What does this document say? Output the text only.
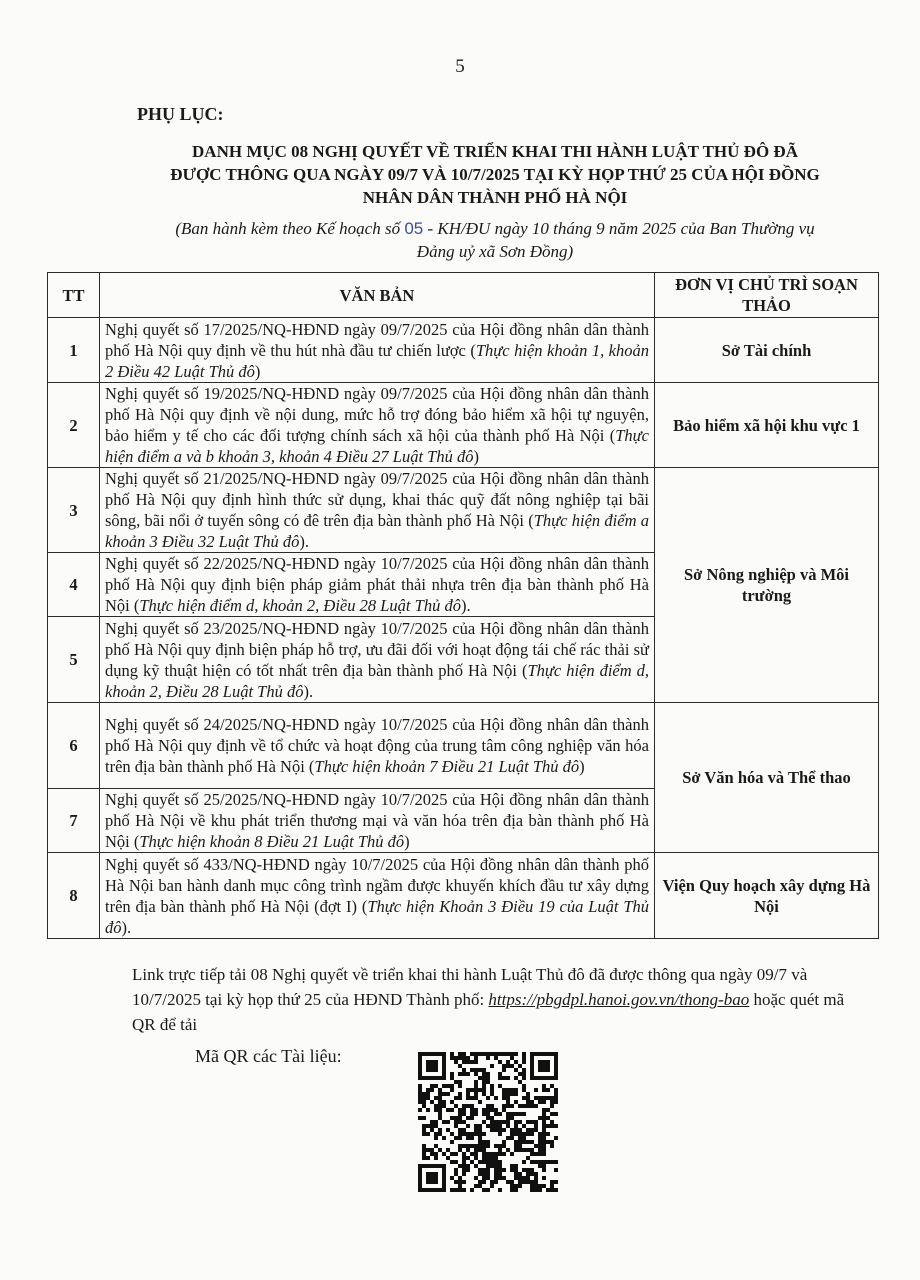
5
PHỤ LỤC:
DANH MỤC 08 NGHỊ QUYẾT VỀ TRIỂN KHAI THI HÀNH LUẬT THỦ ĐÔ ĐÃ
ĐƯỢC THÔNG QUA NGÀY 09/7 VÀ 10/7/2025 TẠI KỲ HỌP THỨ 25 CỦA HỘI ĐỒNG
NHÂN DÂN THÀNH PHỐ HÀ NỘI
(Ban hành kèm theo Kế hoạch số 05 - KH/ĐU ngày 10 tháng 9 năm 2025 của Ban Thường vụ
Đảng uỷ xã Sơn Đồng)
TT	VĂN BẢN	ĐƠN VỊ CHỦ TRÌ SOẠN THẢO
1	Nghị quyết số 17/2025/NQ-HĐND ngày 09/7/2025 của Hội đồng nhân dân thành phố Hà Nội quy định về thu hút nhà đầu tư chiến lược (Thực hiện khoản 1, khoản 2 Điều 42 Luật Thủ đô)	Sở Tài chính
2	Nghị quyết số 19/2025/NQ-HĐND ngày 09/7/2025 của Hội đồng nhân dân thành phố Hà Nội quy định về nội dung, mức hỗ trợ đóng bảo hiểm xã hội tự nguyện, bảo hiểm y tế cho các đối tượng chính sách xã hội của thành phố Hà Nội (Thực hiện điểm a và b khoản 3, khoản 4 Điều 27 Luật Thủ đô)	Bảo hiểm xã hội khu vực 1
3	Nghị quyết số 21/2025/NQ-HĐND ngày 09/7/2025 của Hội đồng nhân dân thành phố Hà Nội quy định hình thức sử dụng, khai thác quỹ đất nông nghiệp tại bãi sông, bãi nổi ở tuyến sông có đê trên địa bàn thành phố Hà Nội (Thực hiện điểm a khoản 3 Điều 32 Luật Thủ đô).	Sở Nông nghiệp và Môi trường
4	Nghị quyết số 22/2025/NQ-HĐND ngày 10/7/2025 của Hội đồng nhân dân thành phố Hà Nội quy định biện pháp giảm phát thải nhựa trên địa bàn thành phố Hà Nội (Thực hiện điểm d, khoản 2, Điều 28 Luật Thủ đô).	
5	Nghị quyết số 23/2025/NQ-HĐND ngày 10/7/2025 của Hội đồng nhân dân thành phố Hà Nội quy định biện pháp hỗ trợ, ưu đãi đối với hoạt động tái chế rác thải sử dụng kỹ thuật hiện có tốt nhất trên địa bàn thành phố Hà Nội (Thực hiện điểm d, khoản 2, Điều 28 Luật Thủ đô).	
6	Nghị quyết số 24/2025/NQ-HĐND ngày 10/7/2025 của Hội đồng nhân dân thành phố Hà Nội quy định về tổ chức và hoạt động của trung tâm công nghiệp văn hóa trên địa bàn thành phố Hà Nội (Thực hiện khoản 7 Điều 21 Luật Thủ đô)	Sở Văn hóa và Thể thao
7	Nghị quyết số 25/2025/NQ-HĐND ngày 10/7/2025 của Hội đồng nhân dân thành phố Hà Nội về khu phát triển thương mại và văn hóa trên địa bàn thành phố Hà Nội (Thực hiện khoản 8 Điều 21 Luật Thủ đô)	
8	Nghị quyết số 433/NQ-HĐND ngày 10/7/2025 của Hội đồng nhân dân thành phố Hà Nội ban hành danh mục công trình ngầm được khuyến khích đầu tư xây dựng trên địa bàn thành phố Hà Nội (đợt I) (Thực hiện Khoản 3 Điều 19 của Luật Thủ đô).	Viện Quy hoạch xây dựng Hà Nội
Link trực tiếp tải 08 Nghị quyết về triển khai thi hành Luật Thủ đô đã được thông qua ngày 09/7 và 10/7/2025 tại kỳ họp thứ 25 của HĐND Thành phố: https://pbgdpl.hanoi.gov.vn/thong-bao hoặc quét mã QR để tải
Mã QR các Tài liệu:
